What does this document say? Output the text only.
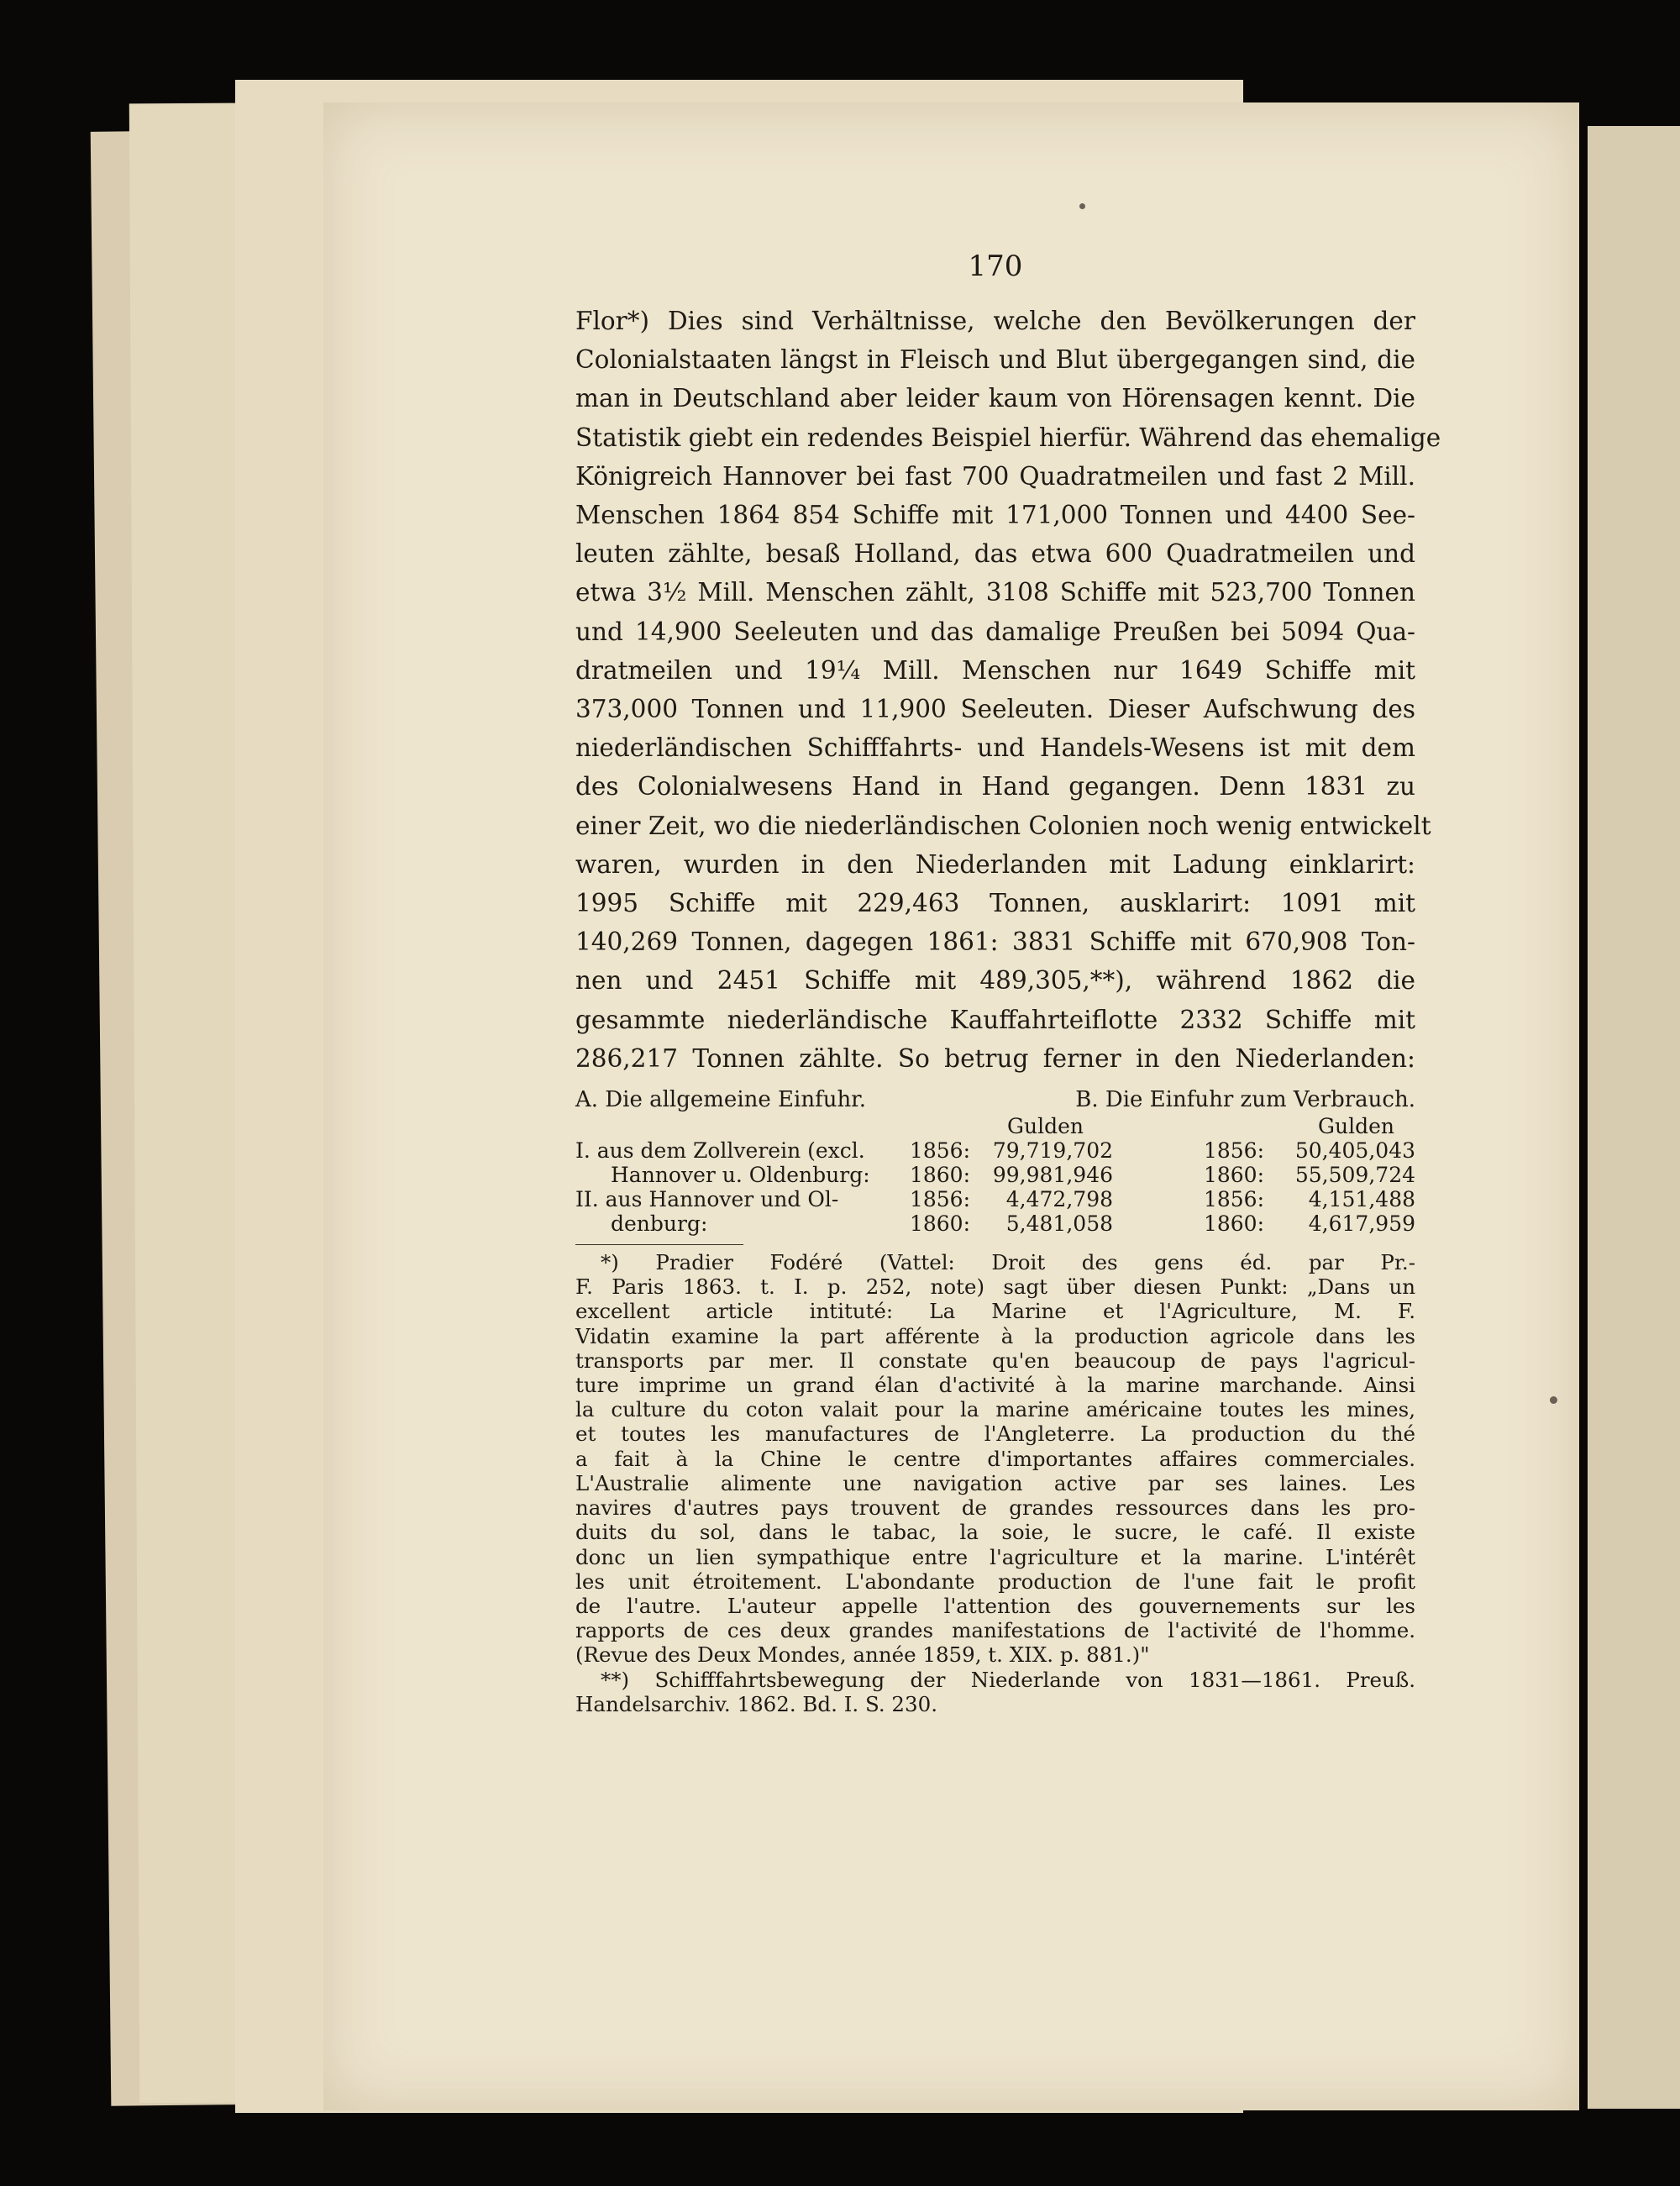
170

Flor*) Dies sind Verhältnisse, welche den Bevölkerungen der

Colonialstaaten längst in Fleisch und Blut übergegangen sind, die

man in Deutschland aber leider kaum von Hörensagen kennt. Die

Statistik giebt ein redendes Beispiel hierfür. Während das ehemalige

Königreich Hannover bei fast 700 Quadratmeilen und fast 2 Mill.

Menschen 1864 854 Schiffe mit 171,000 Tonnen und 4400 See-

leuten zählte, besaß Holland, das etwa 600 Quadratmeilen und

etwa 3½ Mill. Menschen zählt, 3108 Schiffe mit 523,700 Tonnen

und 14,900 Seeleuten und das damalige Preußen bei 5094 Qua-

dratmeilen und 19¼ Mill. Menschen nur 1649 Schiffe mit

373,000 Tonnen und 11,900 Seeleuten. Dieser Aufschwung des

niederländischen Schifffahrts- und Handels-Wesens ist mit dem

des Colonialwesens Hand in Hand gegangen. Denn 1831 zu

einer Zeit, wo die niederländischen Colonien noch wenig entwickelt

waren, wurden in den Niederlanden mit Ladung einklarirt:

1995 Schiffe mit 229,463 Tonnen, ausklarirt: 1091 mit

140,269 Tonnen, dagegen 1861: 3831 Schiffe mit 670,908 Ton-

nen und 2451 Schiffe mit 489,305,**), während 1862 die

gesammte niederländische Kauffahrteiflotte 2332 Schiffe mit

286,217 Tonnen zählte. So betrug ferner in den Niederlanden:

A. Die allgemeine Einfuhr.	B. Die Einfuhr zum Verbrauch.
		Gulden		Gulden
I. aus dem Zollverein (excl.	1856:	79,719,702	1856:	50,405,043
Hannover u. Oldenburg:	1860:	99,981,946	1860:	55,509,724
II. aus Hannover und Ol-	1856:	4,472,798	1856:	4,151,488
denburg:	1860:	5,481,058	1860:	4,617,959

*) Pradier Fodéré (Vattel: Droit des gens éd. par Pr.-

F. Paris 1863. t. I. p. 252, note) sagt über diesen Punkt: „Dans un

excellent article intituté: La Marine et l'Agriculture, M. F.

Vidatin examine la part afférente à la production agricole dans les

transports par mer. Il constate qu'en beaucoup de pays l'agricul-

ture imprime un grand élan d'activité à la marine marchande. Ainsi

la culture du coton valait pour la marine américaine toutes les mines,

et toutes les manufactures de l'Angleterre. La production du thé

a fait à la Chine le centre d'importantes affaires commerciales.

L'Australie alimente une navigation active par ses laines. Les

navires d'autres pays trouvent de grandes ressources dans les pro-

duits du sol, dans le tabac, la soie, le sucre, le café. Il existe

donc un lien sympathique entre l'agriculture et la marine. L'intérêt

les unit étroitement. L'abondante production de l'une fait le profit

de l'autre. L'auteur appelle l'attention des gouvernements sur les

rapports de ces deux grandes manifestations de l'activité de l'homme.

(Revue des Deux Mondes, année 1859, t. XIX. p. 881.)"

**) Schifffahrtsbewegung der Niederlande von 1831—1861. Preuß.

Handelsarchiv. 1862. Bd. I. S. 230.
